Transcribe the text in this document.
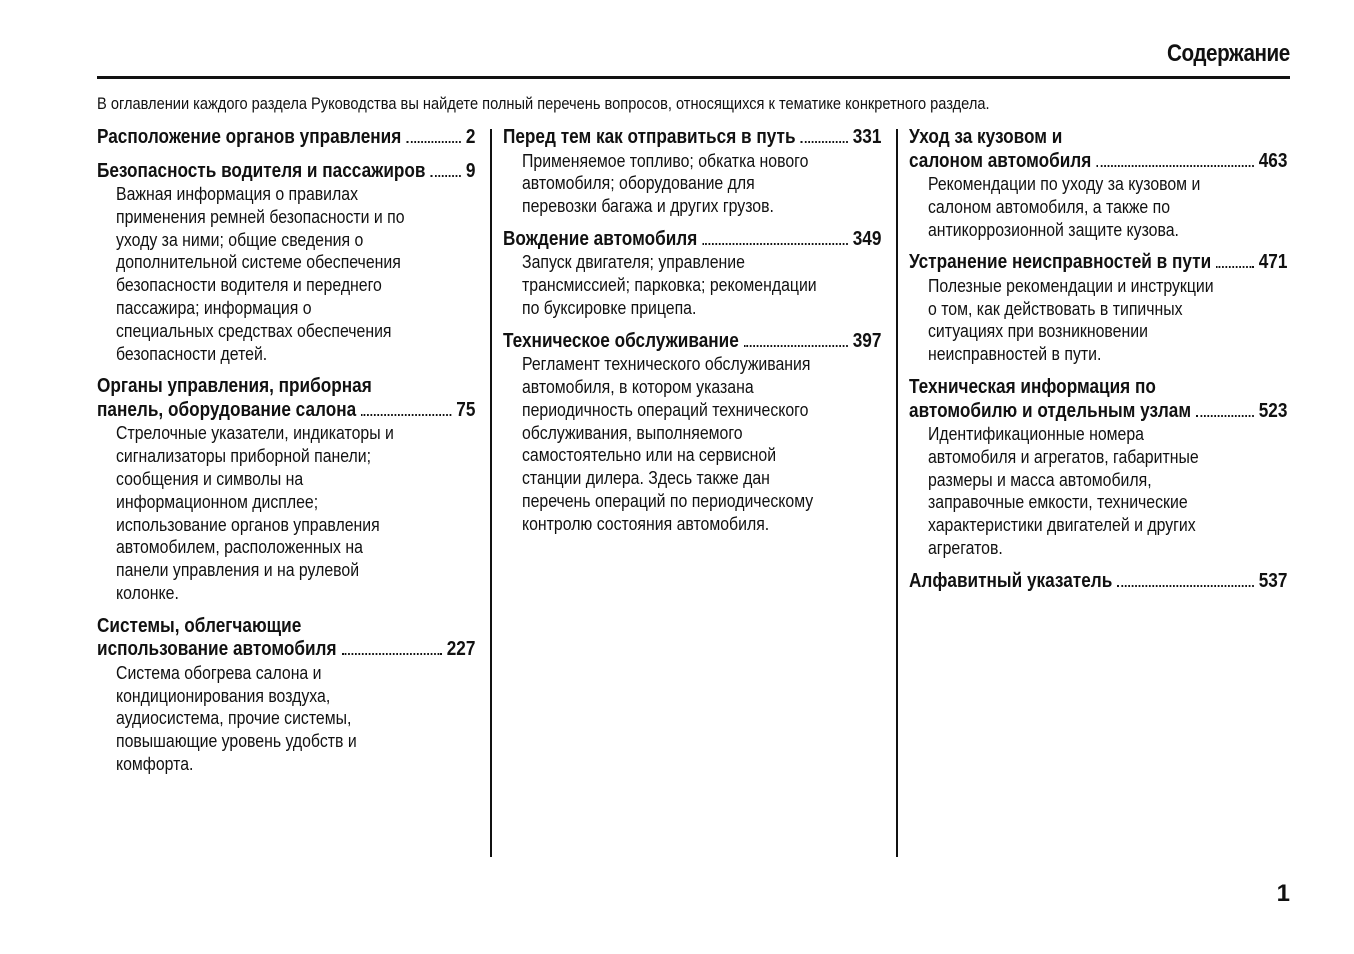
Содержание
В оглавлении каждого раздела Руководства вы найдете полный перечень вопросов, относящихся к тематике конкретного раздела.
Расположение органов управления	2
Безопасность водителя и пассажиров 9
Важная информация о правилах
применения ремней безопасности и по
уходу за ними; общие сведения о
дополнительной системе обеспечения
безопасности водителя и переднего
пассажира; информация о
специальных средствах обеспечения
безопасности детей.
Органы управления, приборная
панель, оборудование салона	75
Стрелочные указатели, индикаторы и
сигнализаторы приборной панели;
сообщения и символы на
информационном дисплее;
использование органов управления
автомобилем, расположенных на
панели управления и на рулевой
колонке.
Системы, облегчающие
использование автомобиля	227
Система обогрева салона и
кондиционирования воздуха,
аудиосистема, прочие системы,
повышающие уровень удобств и
комфорта.
Перед тем как отправиться в путь	331
Применяемое топливо; обкатка нового
автомобиля; оборудование для
перевозки багажа и других грузов.
Вождение автомобиля	349
Запуск двигателя; управление
трансмиссией; парковка; рекомендации
по буксировке прицепа.
Техническое обслуживание	397
Регламент технического обслуживания
автомобиля, в котором указана
периодичность операций технического
обслуживания, выполняемого
самостоятельно или на сервисной
станции дилера. Здесь также дан
перечень операций по периодическому
контролю состояния автомобиля.
Уход за кузовом и
салоном автомобиля	463
Рекомендации по уходу за кузовом и
салоном автомобиля, а также по
антикоррозионной защите кузова.
Устранение неисправностей в пути 471
Полезные рекомендации и инструкции
о том, как действовать в типичных
ситуациях при возникновении
неисправностей в пути.
Техническая информация по
автомобилю и отдельным узлам	523
Идентификационные номера
автомобиля и агрегатов, габаритные
размеры и масса автомобиля,
заправочные емкости, технические
характеристики двигателей и других
агрегатов.
Алфавитный указатель	537
1
